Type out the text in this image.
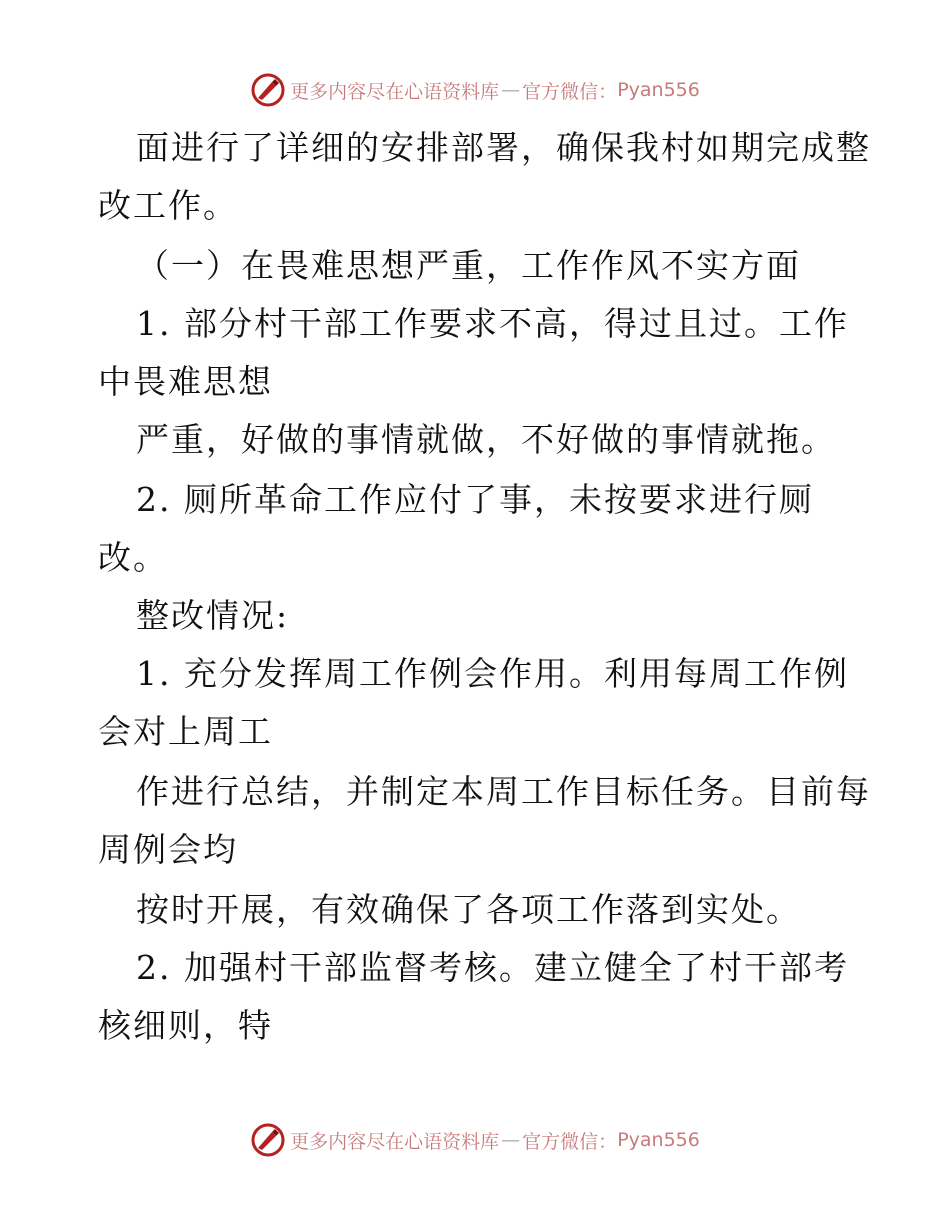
更多内容尽在心语资料库 — 官方微信： Pyan556
面进行了详细的安排部署，确保我村如期完成整
改工作。
（一）在畏难思想严重，工作作风不实方面
1. 部分村干部工作要求不高，得过且过。工作
中畏难思想
严重，好做的事情就做，不好做的事情就拖。
2. 厕所革命工作应付了事，未按要求进行厕
改。
整改情况:
1. 充分发挥周工作例会作用。利用每周工作例
会对上周工
作进行总结，并制定本周工作目标任务。目前每
周例会均
按时开展，有效确保了各项工作落到实处。
2. 加强村干部监督考核。建立健全了村干部考
核细则，特
更多内容尽在心语资料库 — 官方微信： Pyan556
